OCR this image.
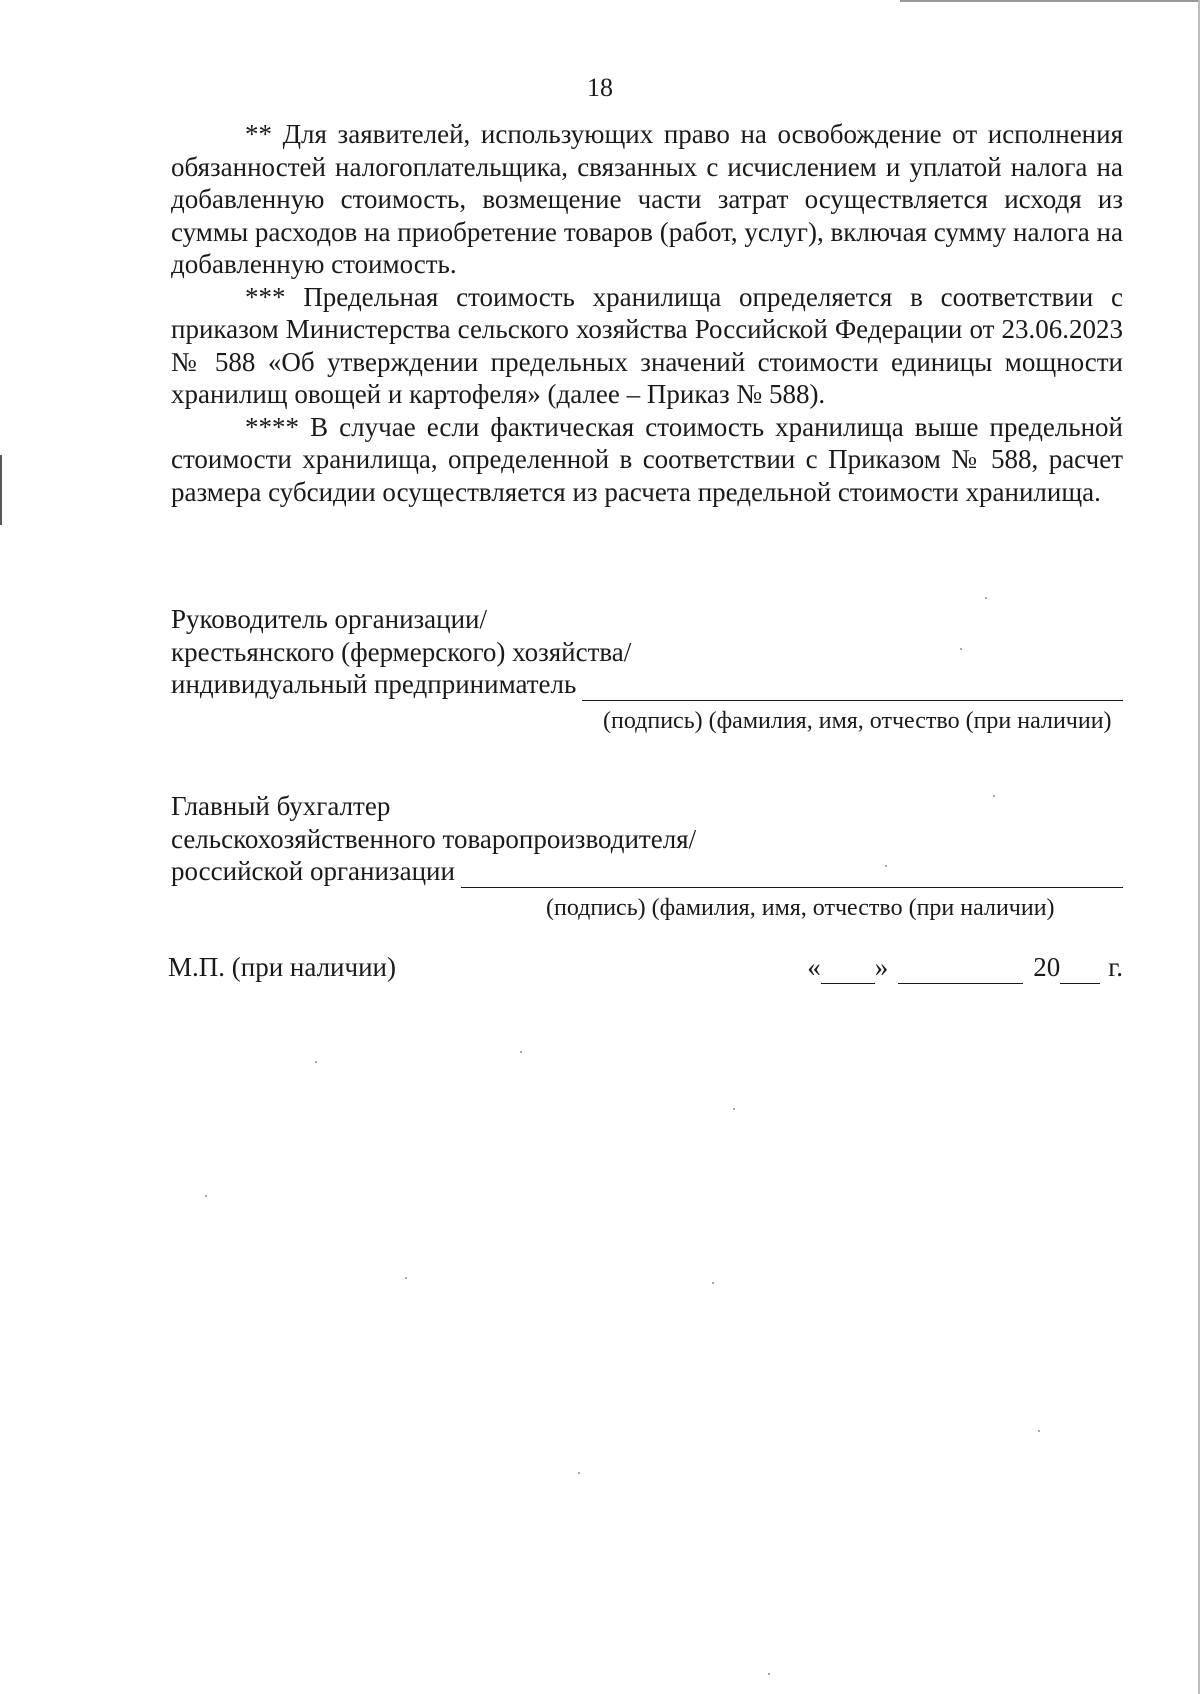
18

** Для заявителей, использующих право на освобождение от исполнения обязанностей налогоплательщика, связанных с исчислением и уплатой налога на добавленную стоимость, возмещение части затрат осуществляется исходя из суммы расходов на приобретение товаров (работ, услуг), включая сумму налога на добавленную стоимость.

*** Предельная стоимость хранилища определяется в соответствии с приказом Министерства сельского хозяйства Российской Федерации от 23.06.2023 № 588 «Об утверждении предельных значений стоимости единицы мощности хранилищ овощей и картофеля» (далее – Приказ № 588).

**** В случае если фактическая стоимость хранилища выше предельной стоимости хранилища, определенной в соответствии с Приказом № 588, расчет размера субсидии осуществляется из расчета предельной стоимости хранилища.

Руководитель организации/
крестьянского (фермерского) хозяйства/
индивидуальный предприниматель
(подпись) (фамилия, имя, отчество (при наличии)
Главный бухгалтер
сельскохозяйственного товаропроизводителя/
российской организации
(подпись) (фамилия, имя, отчество (при наличии)
М.П. (при наличии)	« »	20 г.
